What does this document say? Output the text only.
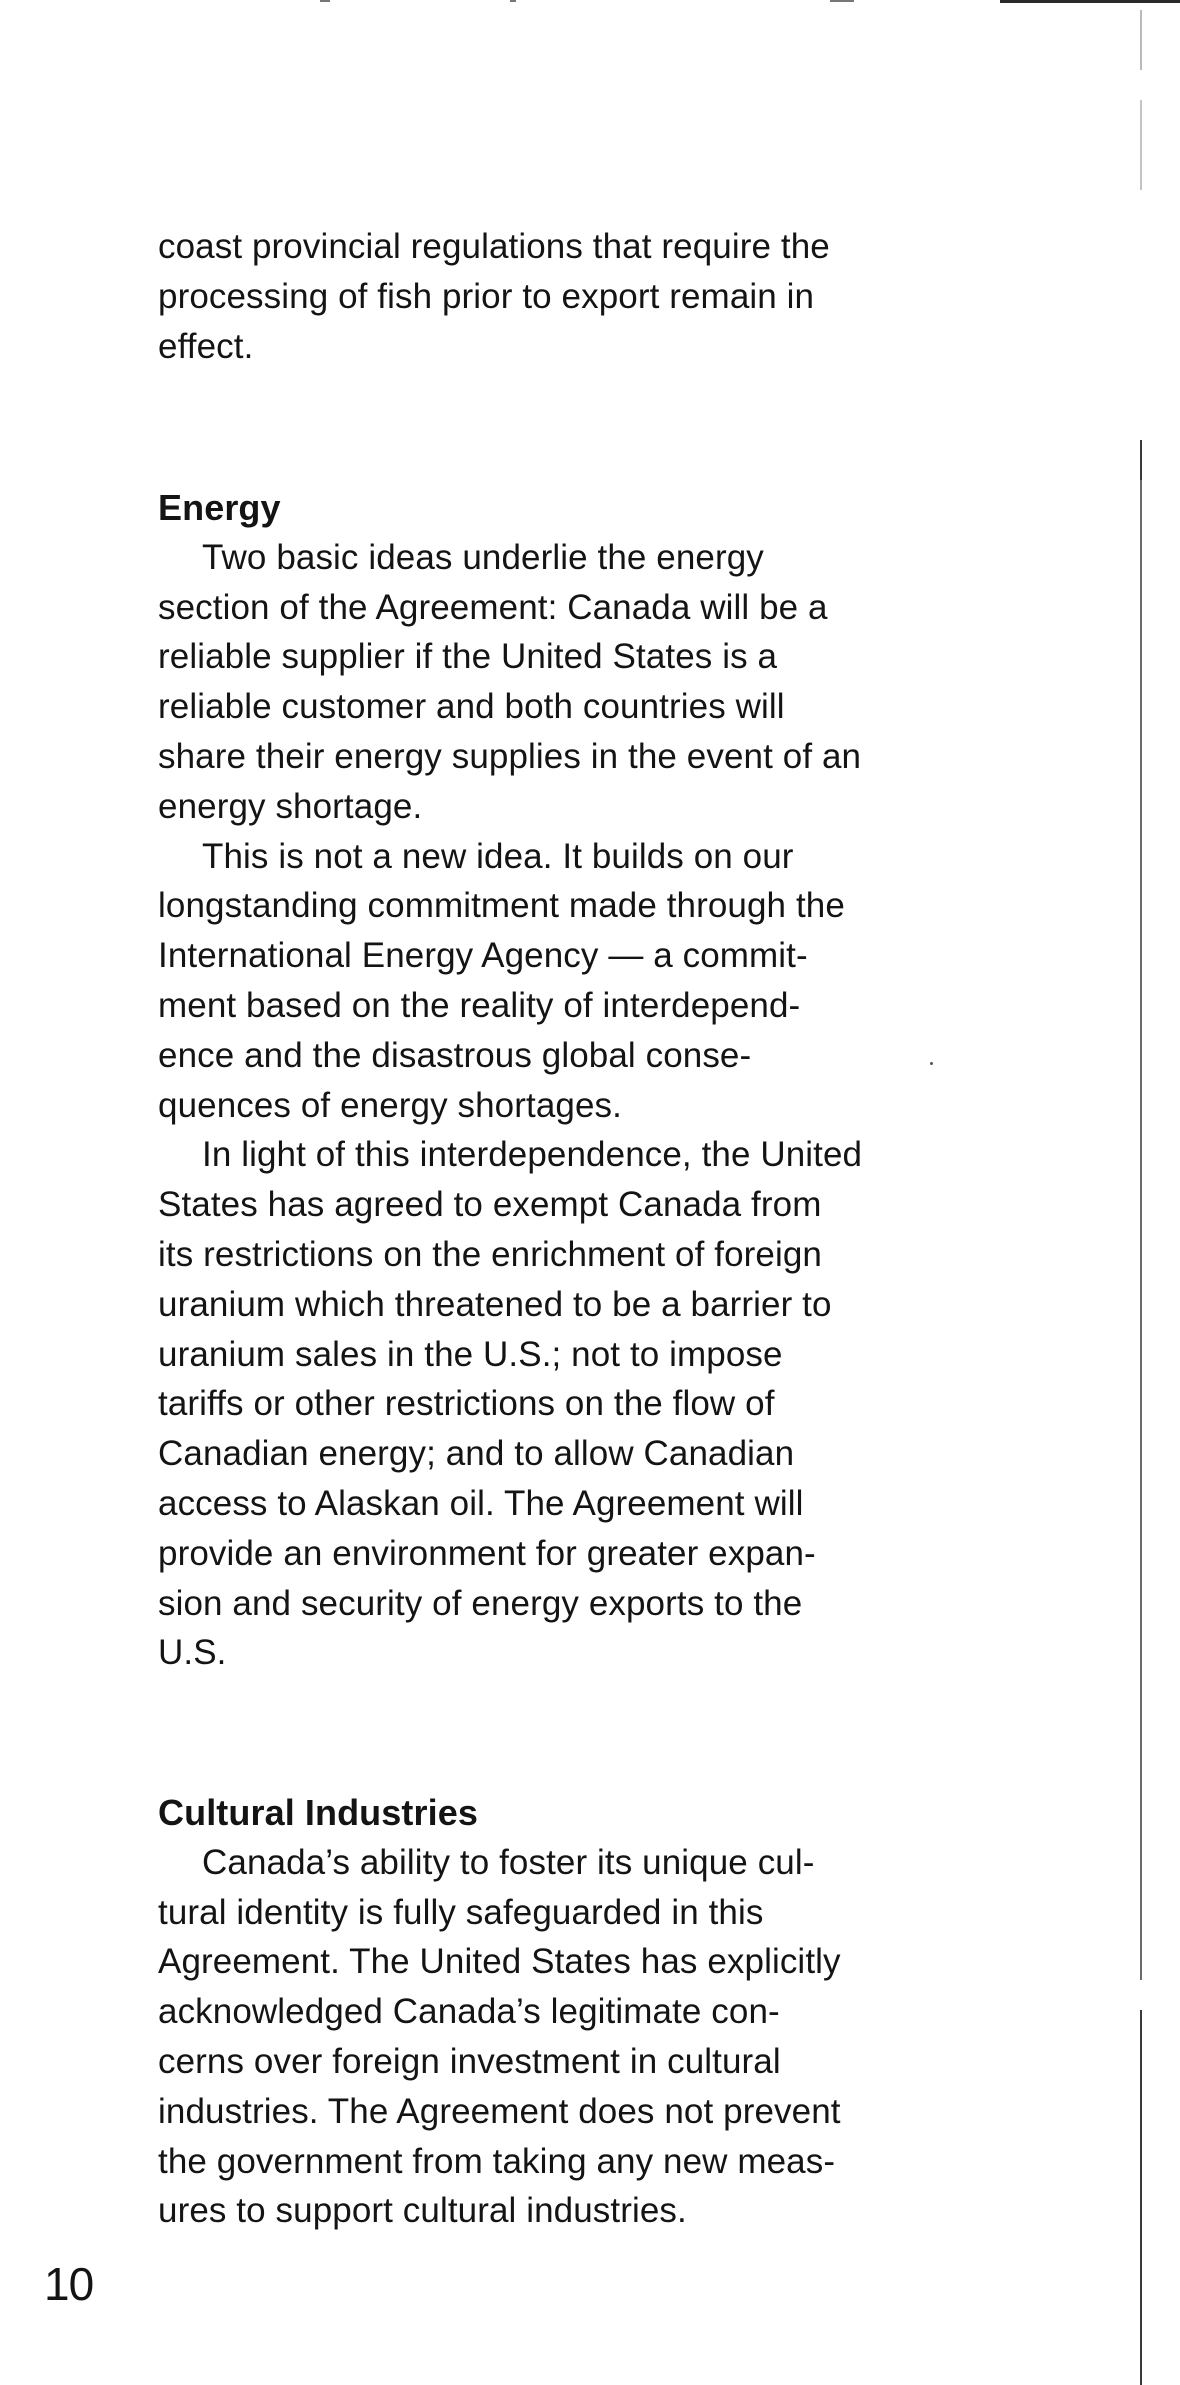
coast provincial regulations that require the
processing of fish prior to export remain in
effect.

Energy

Two basic ideas underlie the energy
section of the Agreement: Canada will be a
reliable supplier if the United States is a
reliable customer and both countries will
share their energy supplies in the event of an
energy shortage.

This is not a new idea. It builds on our
longstanding commitment made through the
International Energy Agency — a commit-
ment based on the reality of interdepend-
ence and the disastrous global conse-
quences of energy shortages.

In light of this interdependence, the United
States has agreed to exempt Canada from
its restrictions on the enrichment of foreign
uranium which threatened to be a barrier to
uranium sales in the U.S.; not to impose
tariffs or other restrictions on the flow of
Canadian energy; and to allow Canadian
access to Alaskan oil. The Agreement will
provide an environment for greater expan-
sion and security of energy exports to the
U.S.

Cultural Industries

Canada’s ability to foster its unique cul-
tural identity is fully safeguarded in this
Agreement. The United States has explicitly
acknowledged Canada’s legitimate con-
cerns over foreign investment in cultural
industries. The Agreement does not prevent
the government from taking any new meas-
ures to support cultural industries.

10
